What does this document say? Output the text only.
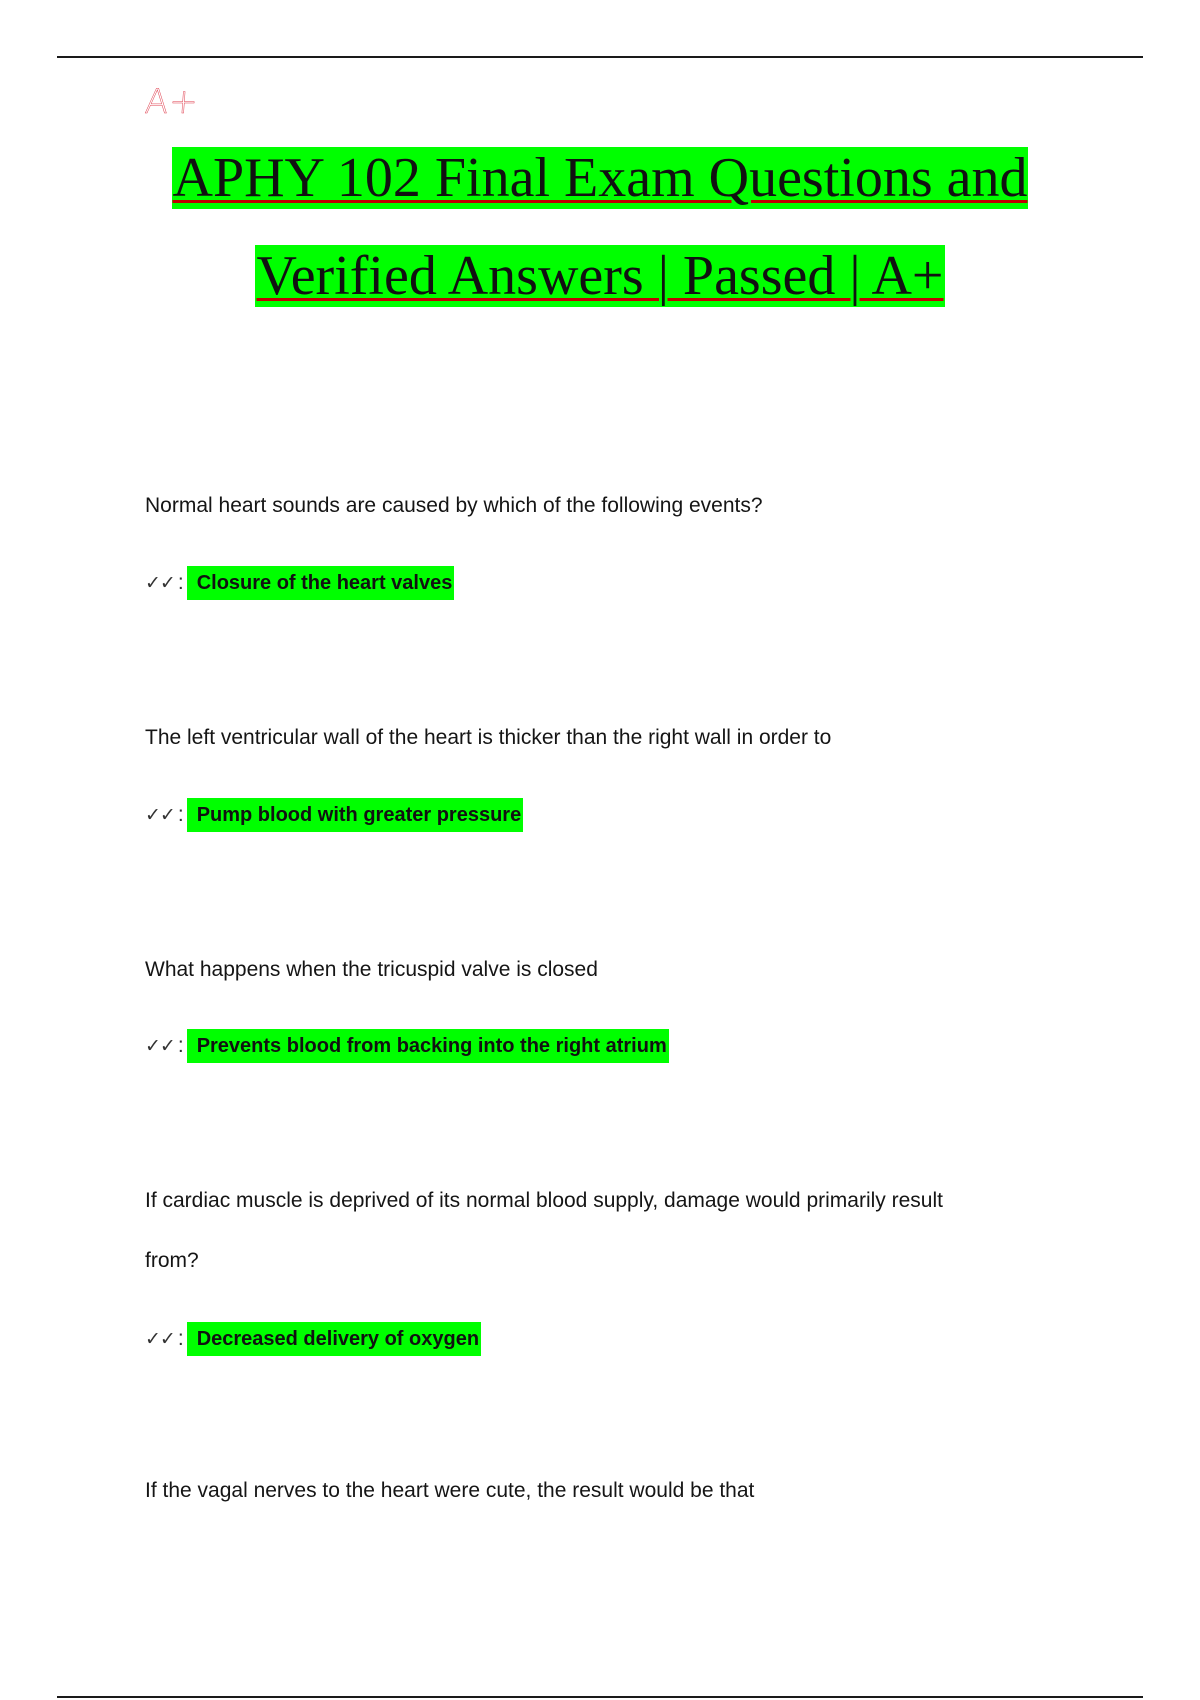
A+
APHY 102 Final Exam Questions and
Verified Answers | Passed | A+

Normal heart sounds are caused by which of the following events?

✓✓ : Closure of the heart valves

The left ventricular wall of the heart is thicker than the right wall in order to

✓✓ : Pump blood with greater pressure

What happens when the tricuspid valve is closed

✓✓ : Prevents blood from backing into the right atrium

If cardiac muscle is deprived of its normal blood supply, damage would primarily result

from?

✓✓ : Decreased delivery of oxygen

If the vagal nerves to the heart were cute, the result would be that
